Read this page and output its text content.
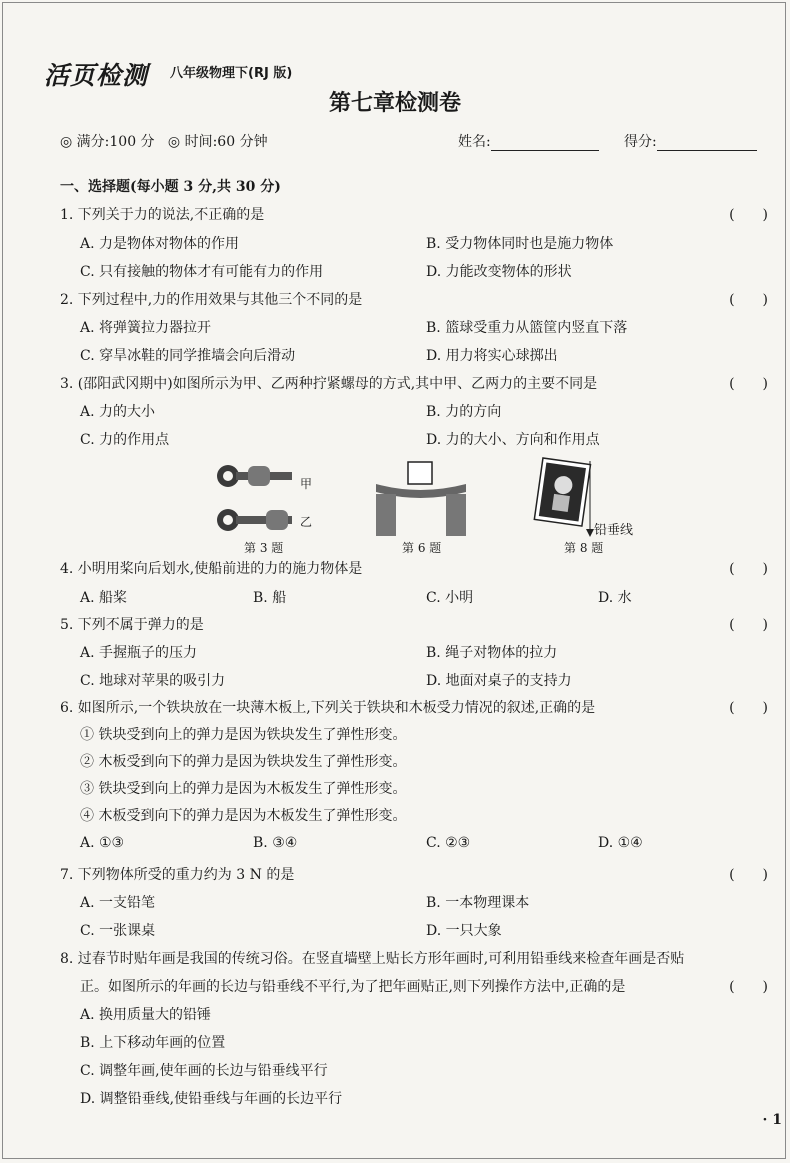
活页检测 八年级物理下(RJ 版)
第七章检测卷
◎ 满分:100 分 ◎ 时间:60 分钟	姓名:	得分:
一、选择题(每小题 3 分,共 30 分)
1. 下列关于力的说法,不正确的是	(　　)
A. 力是物体对物体的作用	B. 受力物体同时也是施力物体
C. 只有接触的物体才有可能有力的作用	D. 力能改变物体的形状
2. 下列过程中,力的作用效果与其他三个不同的是	(　　)
A. 将弹簧拉力器拉开	B. 篮球受重力从篮筐内竖直下落
C. 穿旱冰鞋的同学推墙会向后滑动	D. 用力将实心球掷出
3. (邵阳武冈期中)如图所示为甲、乙两种拧紧螺母的方式,其中甲、乙两力的主要不同是	(　　)
A. 力的大小	B. 力的方向
C. 力的作用点	D. 力的大小、方向和作用点
甲
乙
第 3 题	第 6 题
铅垂线
第 8 题
4. 小明用桨向后划水,使船前进的力的施力物体是	(　　)
A. 船桨	B. 船	C. 小明	D. 水
5. 下列不属于弹力的是	(　　)
A. 手握瓶子的压力	B. 绳子对物体的拉力
C. 地球对苹果的吸引力	D. 地面对桌子的支持力
6. 如图所示,一个铁块放在一块薄木板上,下列关于铁块和木板受力情况的叙述,正确的是	(　　)
① 铁块受到向上的弹力是因为铁块发生了弹性形变。
② 木板受到向下的弹力是因为铁块发生了弹性形变。
③ 铁块受到向上的弹力是因为木板发生了弹性形变。
④ 木板受到向下的弹力是因为木板发生了弹性形变。
A. ①③	B. ③④	C. ②③	D. ①④
7. 下列物体所受的重力约为 3 N 的是	(　　)
A. 一支铅笔	B. 一本物理课本
C. 一张课桌	D. 一只大象
8. 过春节时贴年画是我国的传统习俗。在竖直墙壁上贴长方形年画时,可利用铅垂线来检查年画是否贴
正。如图所示的年画的长边与铅垂线不平行,为了把年画贴正,则下列操作方法中,正确的是	(　　)
A. 换用质量大的铅锤
B. 上下移动年画的位置
C. 调整年画,使年画的长边与铅垂线平行
D. 调整铅垂线,使铅垂线与年画的长边平行
· 1
